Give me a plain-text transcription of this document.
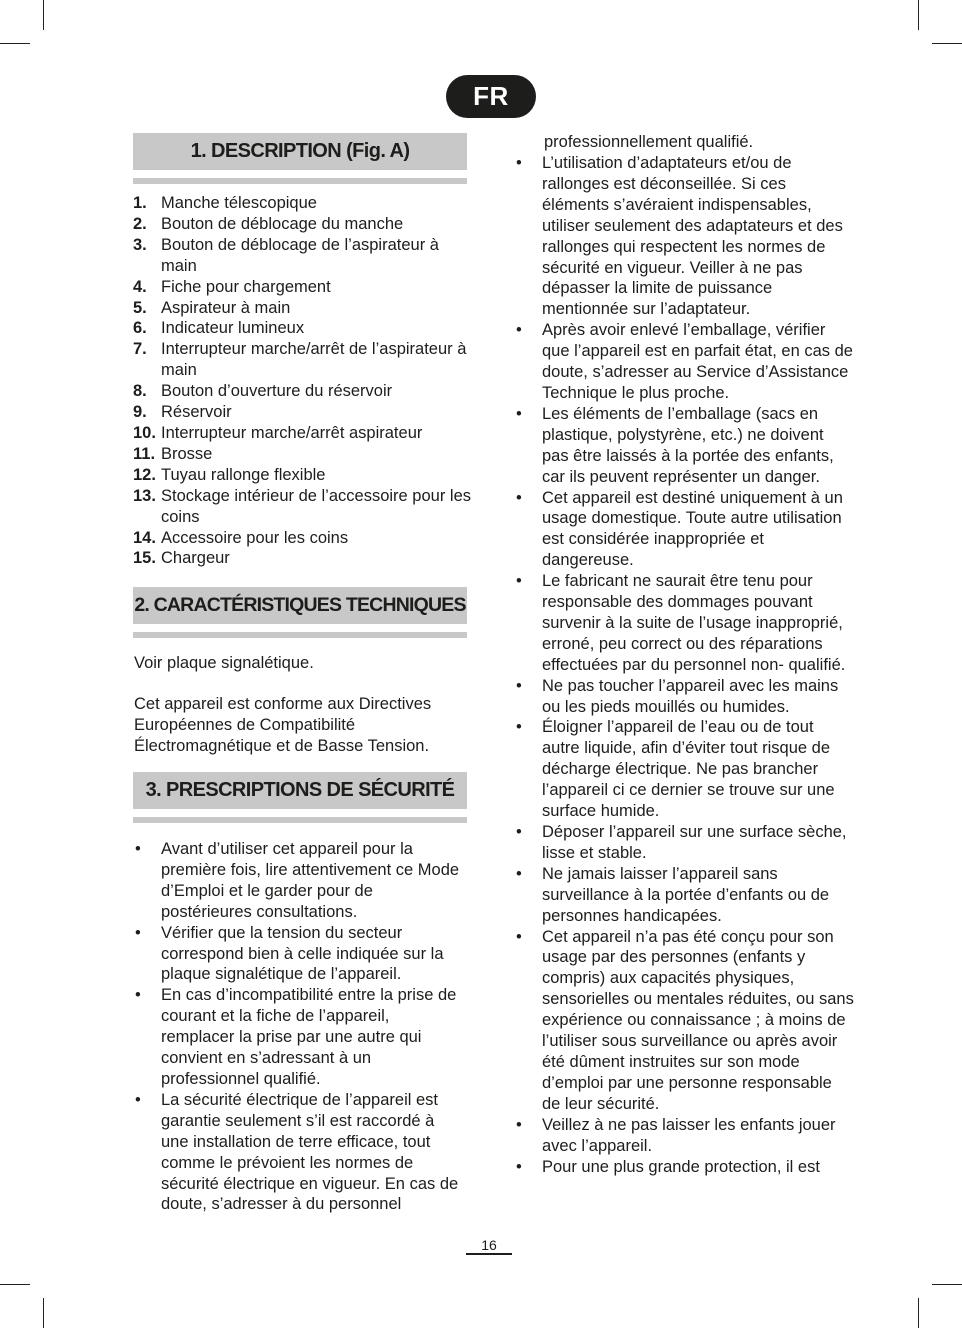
FR
1. DESCRIPTION (Fig. A)
1. Manche télescopique
2. Bouton de déblocage du manche
3. Bouton de déblocage de l’aspirateur à main
4. Fiche pour chargement
5. Aspirateur à main
6. Indicateur lumineux
7. Interrupteur marche/arrêt de l’aspirateur à main
8. Bouton d’ouverture du réservoir
9. Réservoir
10. Interrupteur marche/arrêt aspirateur
11. Brosse
12. Tuyau rallonge flexible
13. Stockage intérieur de l’accessoire pour les coins
14. Accessoire pour les coins
15. Chargeur
2. CARACTÉRISTIQUES TECHNIQUES

Voir plaque signalétique.

Cet appareil est conforme aux Directives Européennes de Compatibilité Électromagnétique et de Basse Tension.

3. PRESCRIPTIONS DE SÉCURITÉ
•	Avant d’utiliser cet appareil pour la première fois, lire attentivement ce Mode d’Emploi et le garder pour de postérieures consultations.
•	Vérifier que la tension du secteur correspond bien à celle indiquée sur la plaque signalétique de l’appareil.
•	En cas d’incompatibilité entre la prise de courant et la fiche de l’appareil, remplacer la prise par une autre qui convient en s’adressant à un professionnel qualifié.
•	La sécurité électrique de l’appareil est garantie seulement s’il est raccordé à une installation de terre efficace, tout comme le prévoient les normes de sécurité électrique en vigueur. En cas de doute, s’adresser à du personnel
professionnellement qualifié.
•	L’utilisation d’adaptateurs et/ou de rallonges est déconseillée. Si ces éléments s’avéraient indispensables, utiliser seulement des adaptateurs et des rallonges qui respectent les normes de sécurité en vigueur. Veiller à ne pas dépasser la limite de puissance mentionnée sur l’adaptateur.
•	Après avoir enlevé l’emballage, vérifier que l’appareil est en parfait état, en cas de doute, s’adresser au Service d’Assistance Technique le plus proche.
•	Les éléments de l’emballage (sacs en plastique, polystyrène, etc.) ne doivent pas être laissés à la portée des enfants, car ils peuvent représenter un danger.
•	Cet appareil est destiné uniquement à un usage domestique. Toute autre utilisation est considérée inappropriée et dangereuse.
•	Le fabricant ne saurait être tenu pour responsable des dommages pouvant survenir à la suite de l’usage inapproprié, erroné, peu correct ou des réparations effectuées par du personnel non- qualifié.
•	Ne pas toucher l’appareil avec les mains ou les pieds mouillés ou humides.
•	Éloigner l’appareil de l’eau ou de tout autre liquide, afin d’éviter tout risque de décharge électrique. Ne pas brancher l’appareil ci ce dernier se trouve sur une surface humide.
•	Déposer l’appareil sur une surface sèche, lisse et stable.
•	Ne jamais laisser l’appareil sans surveillance à la portée d’enfants ou de personnes handicapées.
•	Cet appareil n’a pas été conçu pour son usage par des personnes (enfants y compris) aux capacités physiques, sensorielles ou mentales réduites, ou sans expérience ou connaissance ; à moins de l’utiliser sous surveillance ou après avoir été dûment instruites sur son mode d’emploi par une personne responsable de leur sécurité.
•	Veillez à ne pas laisser les enfants jouer avec l’appareil.
•	Pour une plus grande protection, il est
16
